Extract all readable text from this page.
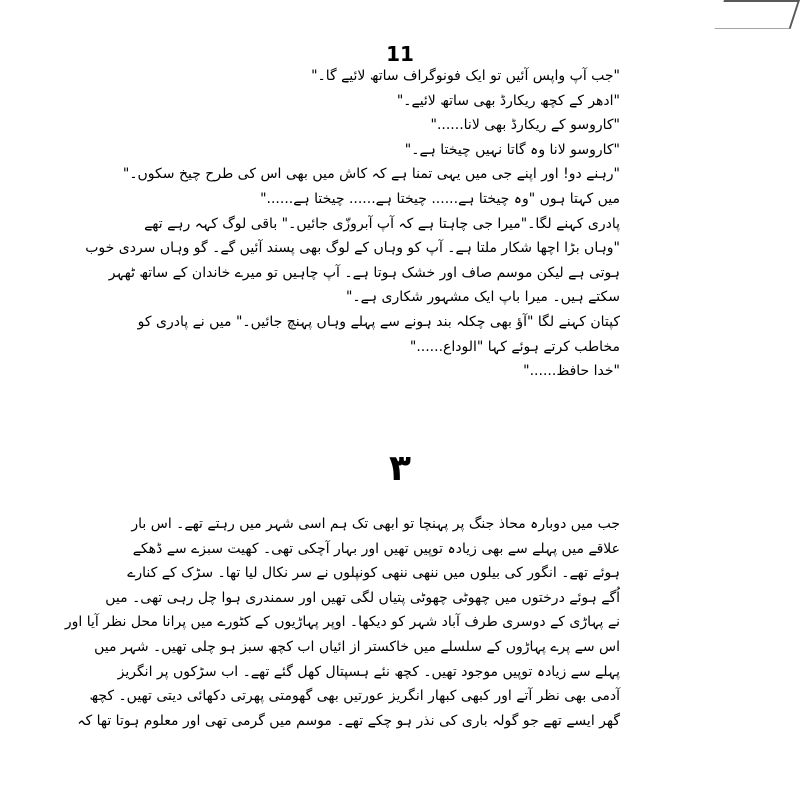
11
"جب آپ واپس آئیں تو ایک فونوگراف ساتھ لائیے گا۔"
"ادھر کے کچھ ریکارڈ بھی ساتھ لائیے۔"
"کاروسو کے ریکارڈ بھی لانا......"
"کاروسو لانا وہ گاتا نہیں چیختا ہے۔"
"رہنے دو! اور اپنے جی میں یہی تمنا ہے کہ کاش میں بھی اس کی طرح چیخ سکوں۔"
میں کہتا ہوں "وہ چیختا ہے...... چیختا ہے...... چیختا ہے......"
پادری کہنے لگا۔"میرا جی چاہتا ہے کہ آپ آبروزّی جائیں۔" باقی لوگ کہہ رہے تھے
"وہاں بڑا اچھا شکار ملتا ہے۔ آپ کو وہاں کے لوگ بھی پسند آئیں گے۔ گو وہاں سردی خوب
ہوتی ہے لیکن موسم صاف اور خشک ہوتا ہے۔ آپ چاہیں تو میرے خاندان کے ساتھ ٹھہر
سکتے ہیں۔ میرا باپ ایک مشہور شکاری ہے۔"
کپتان کہنے لگا "آؤ بھی چکلہ بند ہونے سے پہلے وہاں پہنچ جائیں۔" میں نے پادری کو
مخاطب کرتے ہوئے کہا "الوداع......"
"خدا حافظ......"
۳
جب میں دوبارہ محاذ جنگ پر پہنچا تو ابھی تک ہم اسی شہر میں رہتے تھے۔ اس بار
علاقے میں پہلے سے بھی زیادہ توپیں تھیں اور بہار آچکی تھی۔ کھیت سبزے سے ڈھکے
ہوئے تھے۔ انگور کی بیلوں میں ننھی ننھی کونپلوں نے سر نکال لیا تھا۔ سڑک کے کنارے
اُگے ہوئے درختوں میں چھوٹی چھوٹی پتیاں لگی تھیں اور سمندری ہوا چل رہی تھی۔ میں
نے پہاڑی کے دوسری طرف آباد شہر کو دیکھا۔ اوپر پہاڑیوں کے کٹورے میں پرانا محل نظر آیا اور
اس سے پرے پہاڑوں کے سلسلے میں خاکستر از ائیاں اب کچھ سبز ہو چلی تھیں۔ شہر میں
پہلے سے زیادہ توپیں موجود تھیں۔ کچھ نئے ہسپتال کھل گئے تھے۔ اب سڑکوں پر انگریز
آدمی بھی نظر آتے اور کبھی کبھار انگریز عورتیں بھی گھومتی پھرتی دکھائی دیتی تھیں۔ کچھ
گھر ایسے تھے جو گولہ باری کی نذر ہو چکے تھے۔ موسم میں گرمی تھی اور معلوم ہوتا تھا کہ
